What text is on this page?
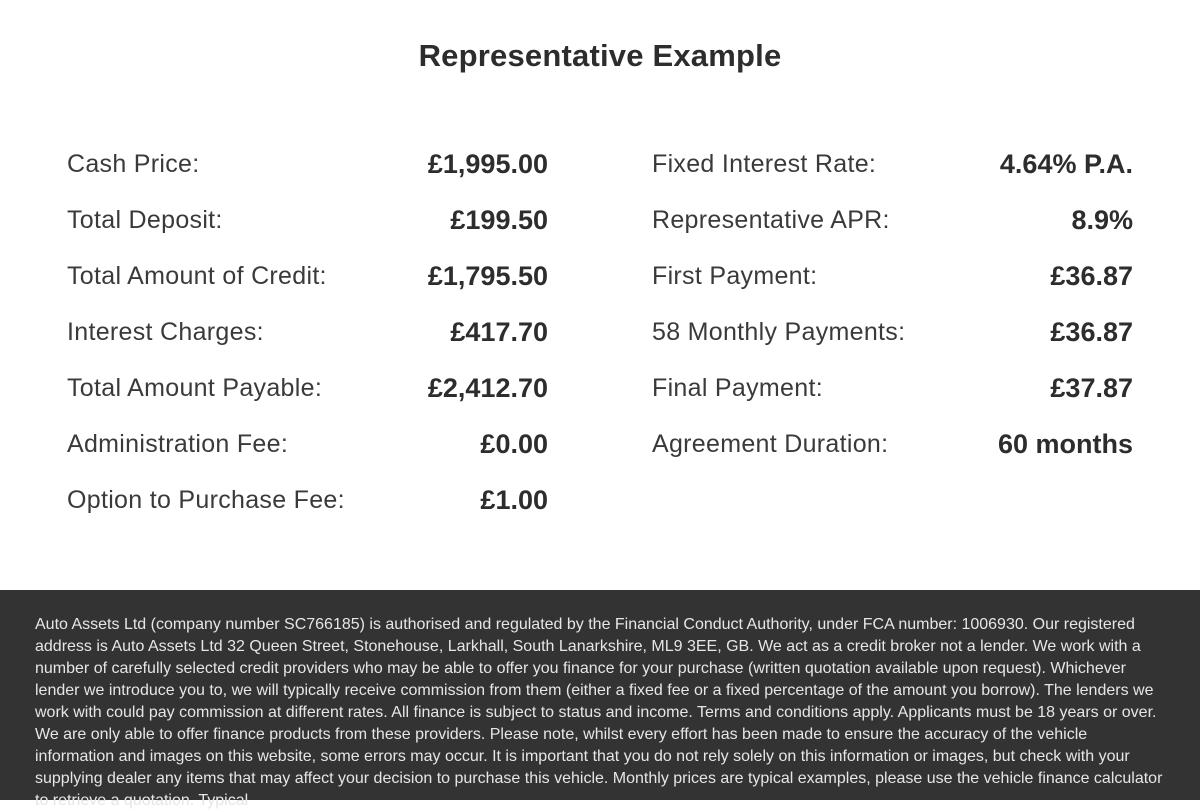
Representative Example
Cash Price:	£1,995.00
Total Deposit:	£199.50
Total Amount of Credit:	£1,795.50
Interest Charges:	£417.70
Total Amount Payable:	£2,412.70
Administration Fee:	£0.00
Option to Purchase Fee:	£1.00
Fixed Interest Rate:	4.64% P.A.
Representative APR:	8.9%
First Payment:	£36.87
58 Monthly Payments:	£36.87
Final Payment:	£37.87
Agreement Duration:	60 months

Auto Assets Ltd (company number SC766185) is authorised and regulated by the Financial Conduct Authority, under FCA number: 1006930. Our registered address is Auto Assets Ltd 32 Queen Street, Stonehouse, Larkhall, South Lanarkshire, ML9 3EE, GB. We act as a credit broker not a lender. We work with a number of carefully selected credit providers who may be able to offer you finance for your purchase (written quotation available upon request). Whichever lender we introduce you to, we will typically receive commission from them (either a fixed fee or a fixed percentage of the amount you borrow). The lenders we work with could pay commission at different rates. All finance is subject to status and income. Terms and conditions apply. Applicants must be 18 years or over. We are only able to offer finance products from these providers. Please note, whilst every effort has been made to ensure the accuracy of the vehicle information and images on this website, some errors may occur. It is important that you do not rely solely on this information or images, but check with your supplying dealer any items that may affect your decision to purchase this vehicle. Monthly prices are typical examples, please use the vehicle finance calculator to retrieve a quotation. Typical
